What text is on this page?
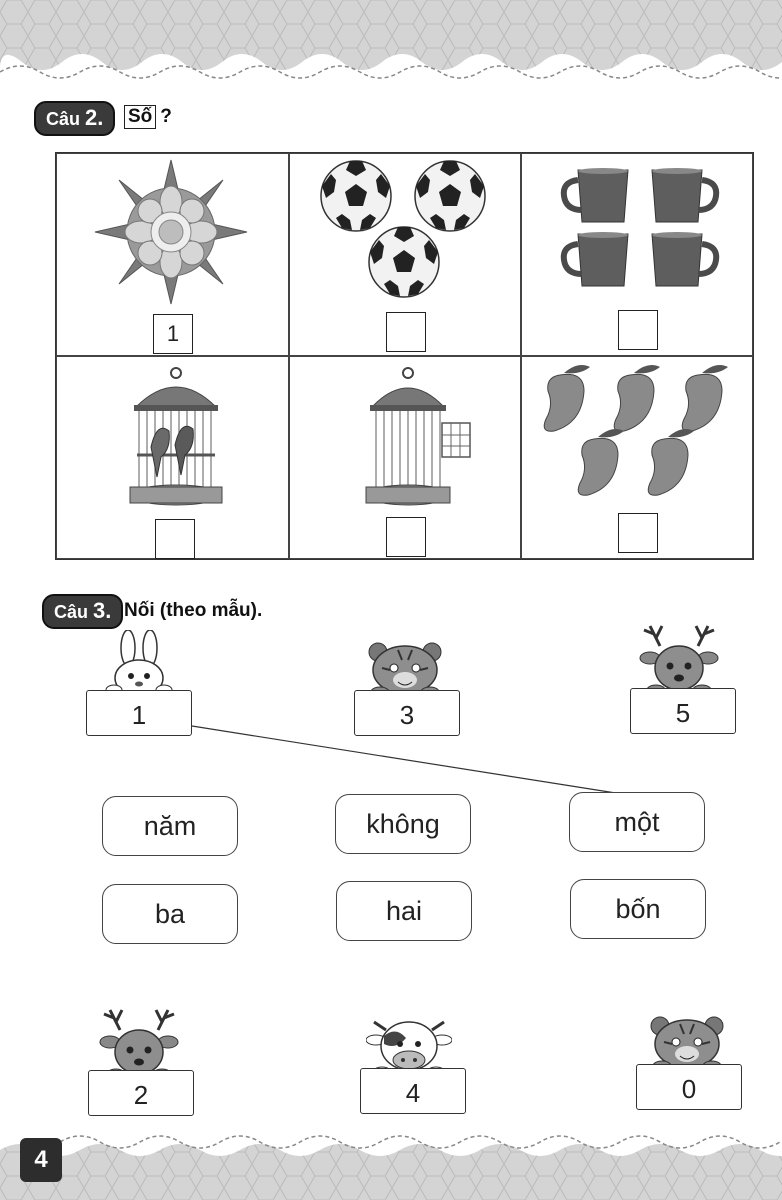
Câu 2.	Số ?
1
Câu 3. Nối (theo mẫu).
1	3	5
năm	không	một
ba	hai	bốn
2	4	0
4
